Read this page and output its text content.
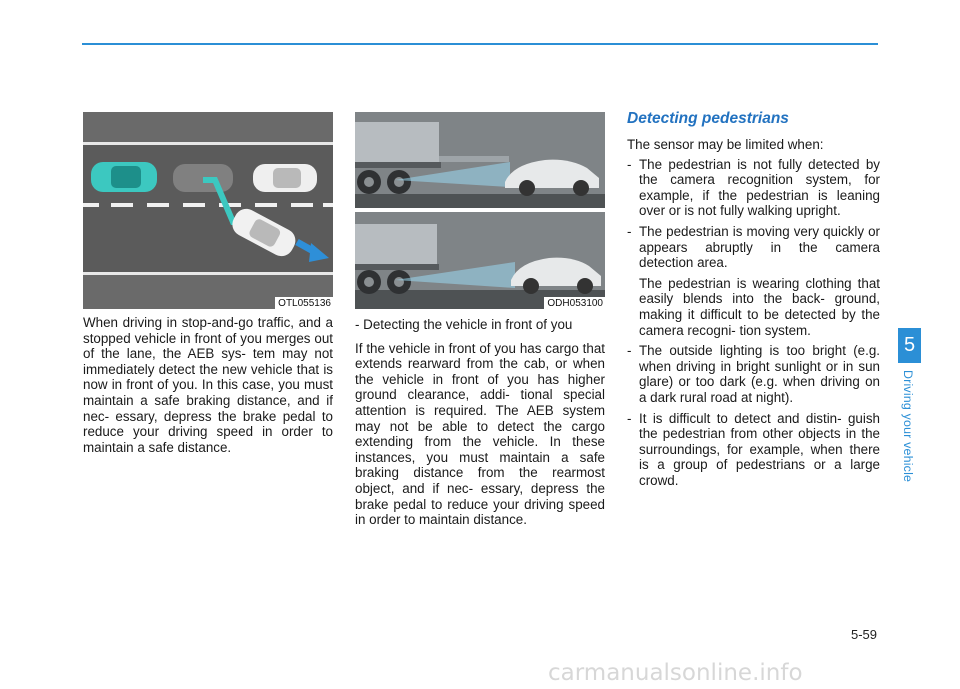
OTL055136

When driving in stop-and-go traffic, and a stopped vehicle in front of you merges out of the lane, the AEB sys- tem may not immediately detect the new vehicle that is now in front of you. In this case, you must maintain a safe braking distance, and if nec- essary, depress the brake pedal to reduce your driving speed in order to maintain a safe distance.

ODH053100

- Detecting the vehicle in front of you

If the vehicle in front of you has cargo that extends rearward from the cab, or when the vehicle in front of you has higher ground clearance, addi- tional special attention is required. The AEB system may not be able to detect the cargo extending from the vehicle. In these instances, you must maintain a safe braking distance from the rearmost object, and if nec- essary, depress the brake pedal to reduce your driving speed in order to maintain distance.

Detecting pedestrians

The sensor may be limited when:

- The pedestrian is not fully detected by the camera recognition system, for example, if the pedestrian is leaning over or is not fully walking upright.
- The pedestrian is moving very quickly or appears abruptly in the camera detection area.

The pedestrian is wearing clothing that easily blends into the back- ground, making it difficult to be detected by the camera recogni- tion system.

- The outside lighting is too bright (e.g. when driving in bright sunlight or in sun glare) or too dark (e.g. when driving on a dark rural road at night).
- It is difficult to detect and distin- guish the pedestrian from other objects in the surroundings, for example, when there is a group of pedestrians or a large crowd.
5
Driving your vehicle
5-59
carmanualsonline.info
